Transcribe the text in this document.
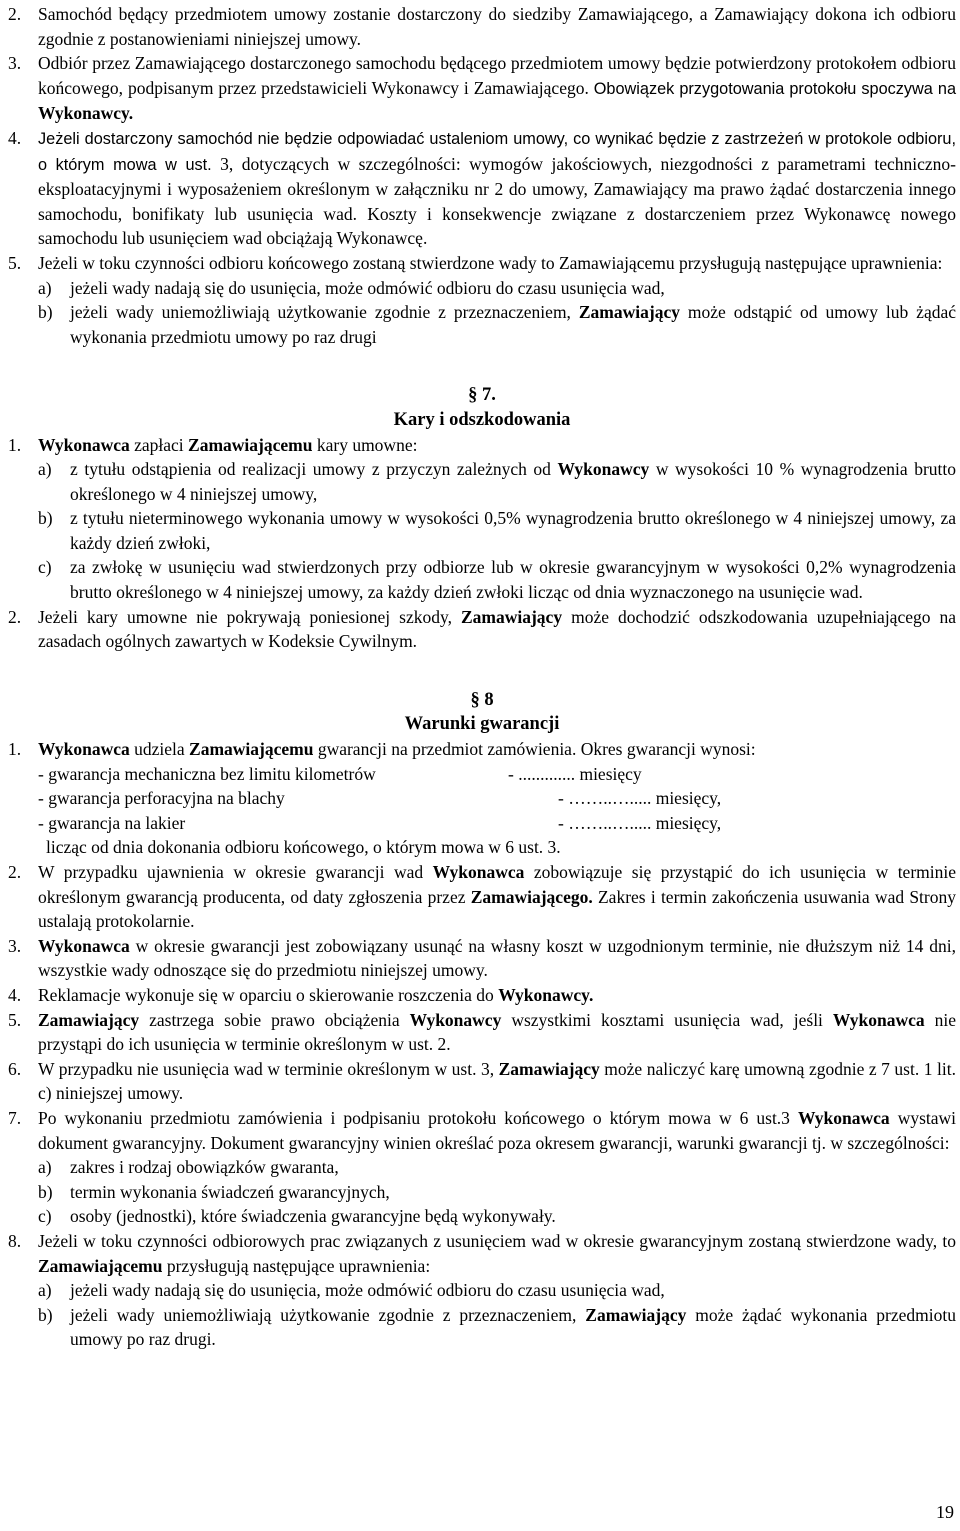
2. Samochód będący przedmiotem umowy zostanie dostarczony do siedziby Zamawiającego, a Zamawiający dokona ich odbioru zgodnie z postanowieniami niniejszej umowy.
3. Odbiór przez Zamawiającego dostarczonego samochodu będącego przedmiotem umowy będzie potwierdzony protokołem odbioru końcowego, podpisanym przez przedstawicieli Wykonawcy i Zamawiającego. Obowiązek przygotowania protokołu spoczywa na Wykonawcy.
4.	Jeżeli dostarczony samochód nie będzie odpowiadać ustaleniom umowy, co wynikać będzie z zastrzeżeń w protokole odbioru, o którym mowa w ust. 3, dotyczących w szczególności: wymogów jakościowych, niezgodności z parametrami techniczno-eksploatacyjnymi i wyposażeniem określonym w załączniku nr 2 do umowy, Zamawiający ma prawo żądać dostarczenia innego samochodu, bonifikaty lub usunięcia wad. Koszty i konsekwencje związane z dostarczeniem przez Wykonawcę nowego samochodu lub usunięciem wad obciążają Wykonawcę.
5. Jeżeli w toku czynności odbioru końcowego zostaną stwierdzone wady to Zamawiającemu przysługują następujące uprawnienia:
a)	jeżeli wady nadają się do usunięcia, może odmówić odbioru do czasu usunięcia wad,
b) jeżeli wady uniemożliwiają użytkowanie zgodnie z przeznaczeniem, Zamawiający może odstąpić od umowy lub żądać wykonania przedmiotu umowy po raz drugi
§ 7.
Kary i odszkodowania
1. Wykonawca zapłaci Zamawiającemu kary umowne:
a)	z tytułu odstąpienia od realizacji umowy z przyczyn zależnych od Wykonawcy w wysokości 10 % wynagrodzenia brutto określonego w 4 niniejszej umowy,
b) z tytułu nieterminowego wykonania umowy w wysokości 0,5% wynagrodzenia brutto określonego w 4 niniejszej umowy, za każdy dzień zwłoki,
c)	za zwłokę w usunięciu wad stwierdzonych przy odbiorze lub w okresie gwarancyjnym w wysokości 0,2% wynagrodzenia brutto określonego w 4 niniejszej umowy, za każdy dzień zwłoki licząc od dnia wyznaczonego na usunięcie wad.
2. Jeżeli kary umowne nie pokrywają poniesionej szkody, Zamawiający może dochodzić odszkodowania uzupełniającego na zasadach ogólnych zawartych w Kodeksie Cywilnym.
§ 8
Warunki gwarancji
1. Wykonawca udziela Zamawiającemu gwarancji na przedmiot zamówienia. Okres gwarancji wynosi:
- gwarancja mechaniczna bez limitu kilometrów	- ............. miesięcy
- gwarancja perforacyjna na blachy	- ……..…..... miesięcy,
- gwarancja na lakier	- ……..…..... miesięcy,
licząc od dnia dokonania odbioru końcowego, o którym mowa w 6 ust. 3.
2. W przypadku ujawnienia w okresie gwarancji wad Wykonawca zobowiązuje się przystąpić do ich usunięcia w terminie określonym gwarancją producenta, od daty zgłoszenia przez Zamawiającego. Zakres i termin zakończenia usuwania wad Strony ustalają protokolarnie.
3. Wykonawca w okresie gwarancji jest zobowiązany usunąć na własny koszt w uzgodnionym terminie, nie dłuższym niż 14 dni, wszystkie wady odnoszące się do przedmiotu niniejszej umowy.
4. Reklamacje wykonuje się w oparciu o skierowanie roszczenia do Wykonawcy.
5. Zamawiający zastrzega sobie prawo obciążenia Wykonawcy wszystkimi kosztami usunięcia wad, jeśli Wykonawca nie przystąpi do ich usunięcia w terminie określonym w ust. 2.
6. W przypadku nie usunięcia wad w terminie określonym w ust. 3, Zamawiający może naliczyć karę umowną zgodnie z 7 ust. 1 lit. c) niniejszej umowy.
7. Po wykonaniu przedmiotu zamówienia i podpisaniu protokołu końcowego o którym mowa w 6 ust.3 Wykonawca wystawi dokument gwarancyjny. Dokument gwarancyjny winien określać poza okresem gwarancji, warunki gwarancji tj. w szczególności:
a)	zakres i rodzaj obowiązków gwaranta,
b) termin wykonania świadczeń gwarancyjnych,
c)	osoby (jednostki), które świadczenia gwarancyjne będą wykonywały.
8. Jeżeli w toku czynności odbiorowych prac związanych z usunięciem wad w okresie gwarancyjnym zostaną stwierdzone wady, to Zamawiającemu przysługują następujące uprawnienia:
a)	jeżeli wady nadają się do usunięcia, może odmówić odbioru do czasu usunięcia wad,
b) jeżeli wady uniemożliwiają użytkowanie zgodnie z przeznaczeniem, Zamawiający może żądać wykonania przedmiotu umowy po raz drugi.
19
